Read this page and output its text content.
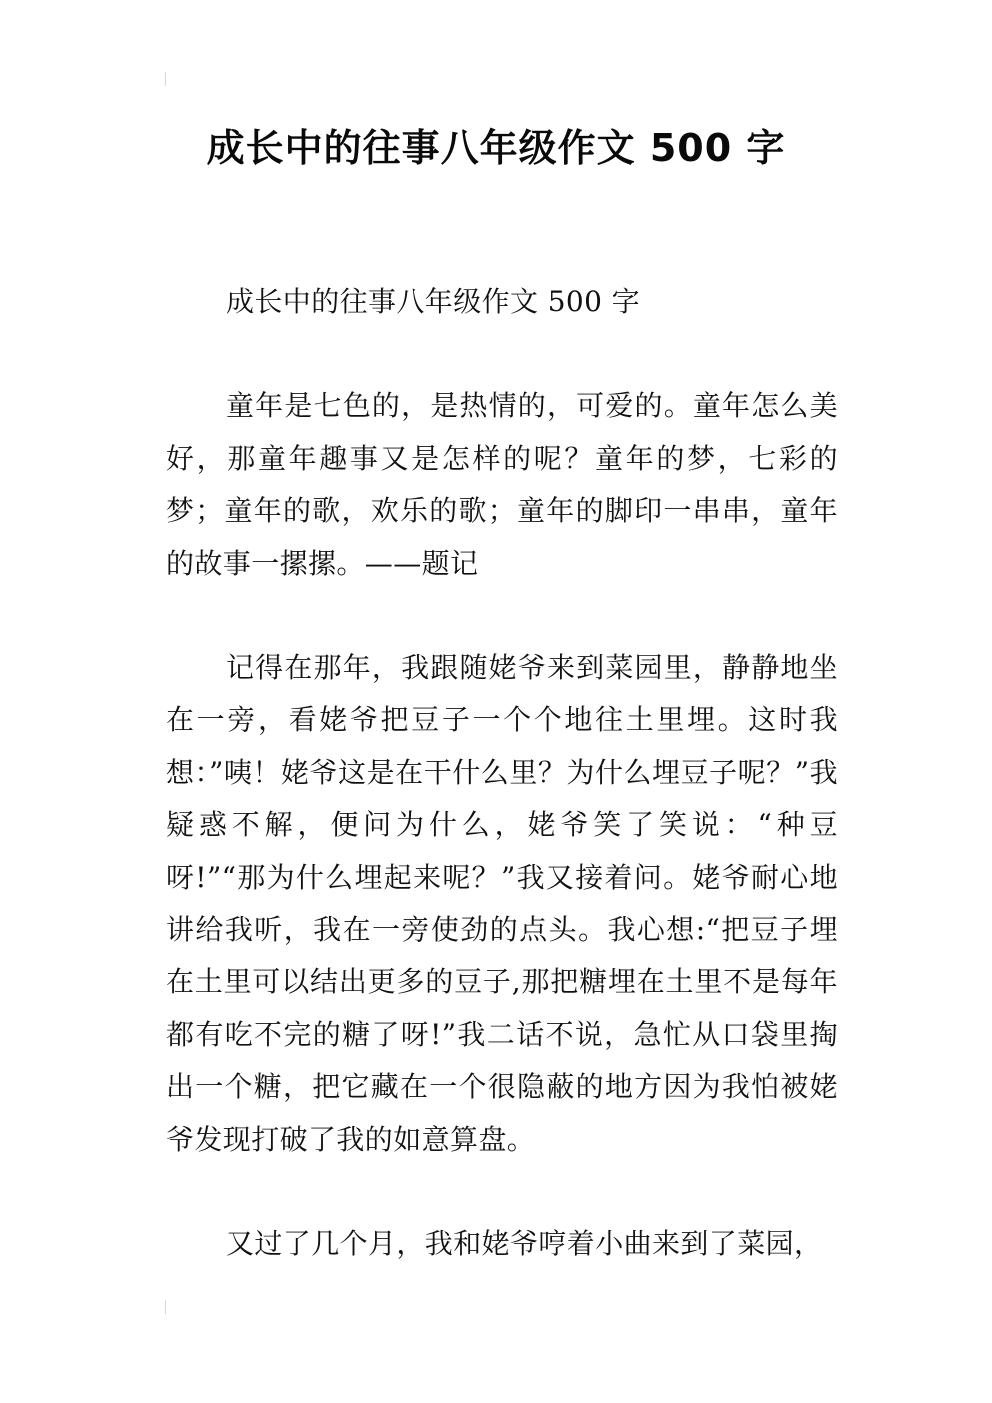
成长中的往事八年级作文 500 字

成长中的往事八年级作文 500 字

童年是七色的，是热情的，可爱的。童年怎么美好，那童年趣事又是怎样的呢？童年的梦，七彩的梦；童年的歌，欢乐的歌；童年的脚印一串串，童年的故事一摞摞。——题记

记得在那年，我跟随姥爷来到菜园里，静静地坐在一旁，看姥爷把豆子一个个地往土里埋。这时我想：”咦！姥爷这是在干什么里？为什么埋豆子呢？”我疑惑不解，便问为什么，姥爷笑了笑说：“种豆呀!”“那为什么埋起来呢？”我又接着问。姥爷耐心地讲给我听，我在一旁使劲的点头。我心想:“把豆子埋在土里可以结出更多的豆子,那把糖埋在土里不是每年都有吃不完的糖了呀!”我二话不说，急忙从口袋里掏出一个糖，把它藏在一个很隐蔽的地方因为我怕被姥爷发现打破了我的如意算盘。

又过了几个月，我和姥爷哼着小曲来到了菜园，
